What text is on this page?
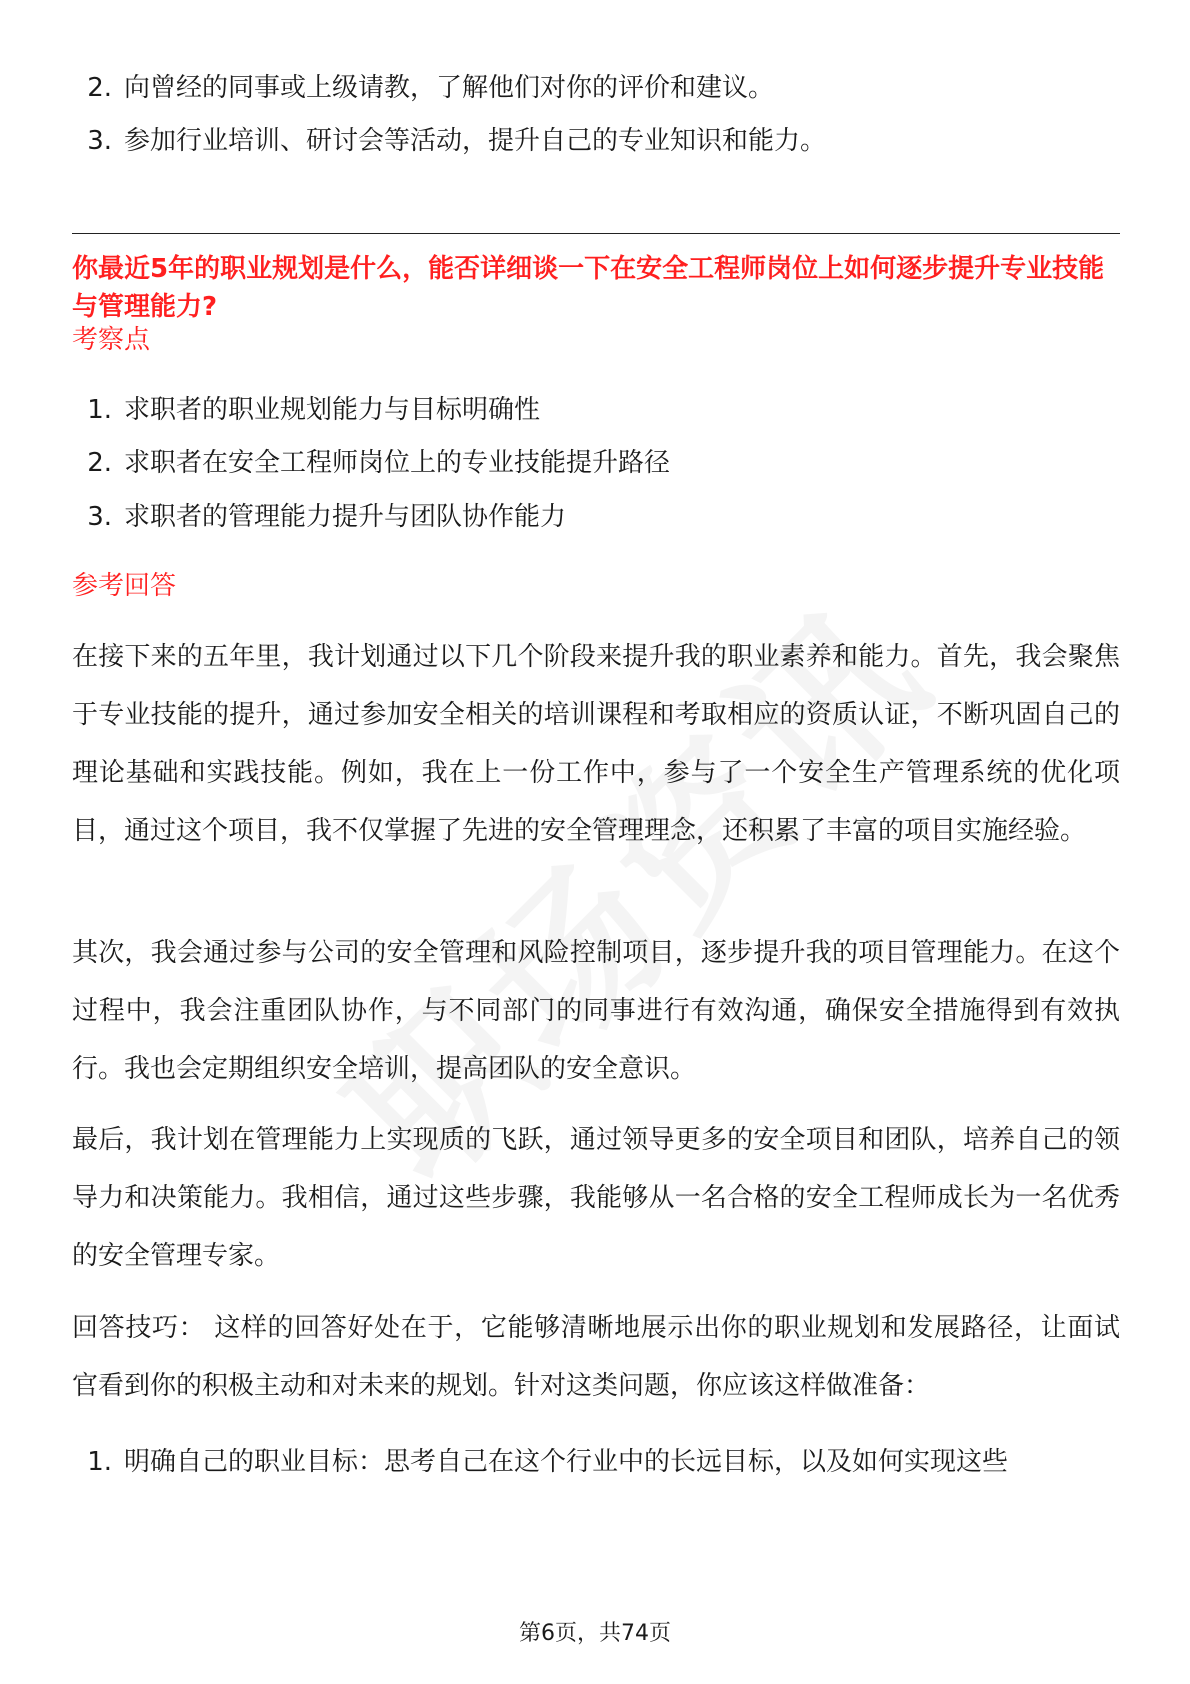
2. 向曾经的同事或上级请教，了解他们对你的评价和建议。
3. 参加行业培训、研讨会等活动，提升自己的专业知识和能力。
你最近5年的职业规划是什么，能否详细谈一下在安全工程师岗位上如何逐步提升专业技能与管理能力?
考察点
1. 求职者的职业规划能力与目标明确性
2. 求职者在安全工程师岗位上的专业技能提升路径
3. 求职者的管理能力提升与团队协作能力
参考回答
在接下来的五年里，我计划通过以下几个阶段来提升我的职业素养和能力。首先，我会聚焦于专业技能的提升，通过参加安全相关的培训课程和考取相应的资质认证，不断巩固自己的理论基础和实践技能。例如，我在上一份工作中，参与了一个安全生产管理系统的优化项目，通过这个项目，我不仅掌握了先进的安全管理理念，还积累了丰富的项目实施经验。
其次，我会通过参与公司的安全管理和风险控制项目，逐步提升我的项目管理能力。在这个过程中，我会注重团队协作，与不同部门的同事进行有效沟通，确保安全措施得到有效执行。我也会定期组织安全培训，提高团队的安全意识。
最后，我计划在管理能力上实现质的飞跃，通过领导更多的安全项目和团队，培养自己的领导力和决策能力。我相信，通过这些步骤，我能够从一名合格的安全工程师成长为一名优秀的安全管理专家。
回答技巧： 这样的回答好处在于，它能够清晰地展示出你的职业规划和发展路径，让面试官看到你的积极主动和对未来的规划。针对这类问题，你应该这样做准备：
1. 明确自己的职业目标：思考自己在这个行业中的长远目标，以及如何实现这些
第6页，共74页
